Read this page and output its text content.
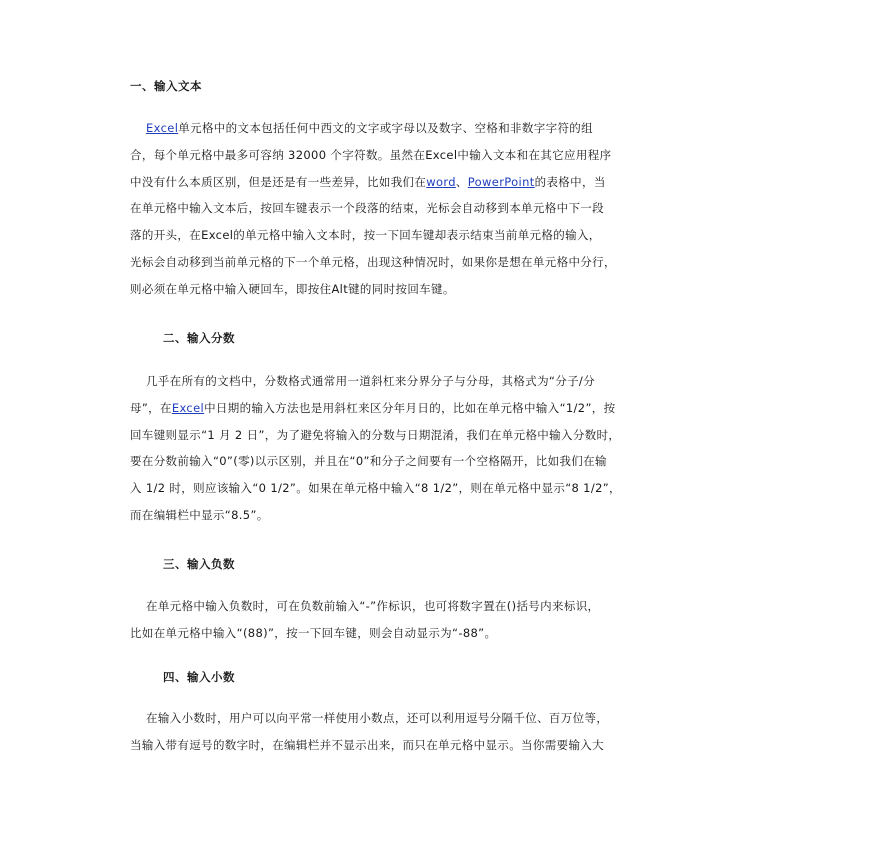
一、输入文本
Excel单元格中的文本包括任何中西文的文字或字母以及数字、空格和非数字字符的组
合，每个单元格中最多可容纳 32000 个字符数。虽然在Excel中输入文本和在其它应用程序
中没有什么本质区别，但是还是有一些差异，比如我们在word、PowerPoint的表格中，当
在单元格中输入文本后，按回车键表示一个段落的结束，光标会自动移到本单元格中下一段
落的开头，在Excel的单元格中输入文本时，按一下回车键却表示结束当前单元格的输入，
光标会自动移到当前单元格的下一个单元格，出现这种情况时，如果你是想在单元格中分行，
则必须在单元格中输入硬回车，即按住Alt键的同时按回车键。
二、输入分数
几乎在所有的文档中，分数格式通常用一道斜杠来分界分子与分母，其格式为“分子/分
母”，在Excel中日期的输入方法也是用斜杠来区分年月日的，比如在单元格中输入“1/2”，按
回车键则显示“1 月 2 日”，为了避免将输入的分数与日期混淆，我们在单元格中输入分数时，
要在分数前输入“0”(零)以示区别，并且在“0”和分子之间要有一个空格隔开，比如我们在输
入 1/2 时，则应该输入“0 1/2”。如果在单元格中输入“8 1/2”，则在单元格中显示“8 1/2”，
而在编辑栏中显示“8.5”。
三、输入负数
在单元格中输入负数时，可在负数前输入“-”作标识，也可将数字置在()括号内来标识，
比如在单元格中输入“(88)”，按一下回车键，则会自动显示为“-88”。
四、输入小数
在输入小数时，用户可以向平常一样使用小数点，还可以利用逗号分隔千位、百万位等，
当输入带有逗号的数字时，在编辑栏并不显示出来，而只在单元格中显示。当你需要输入大
